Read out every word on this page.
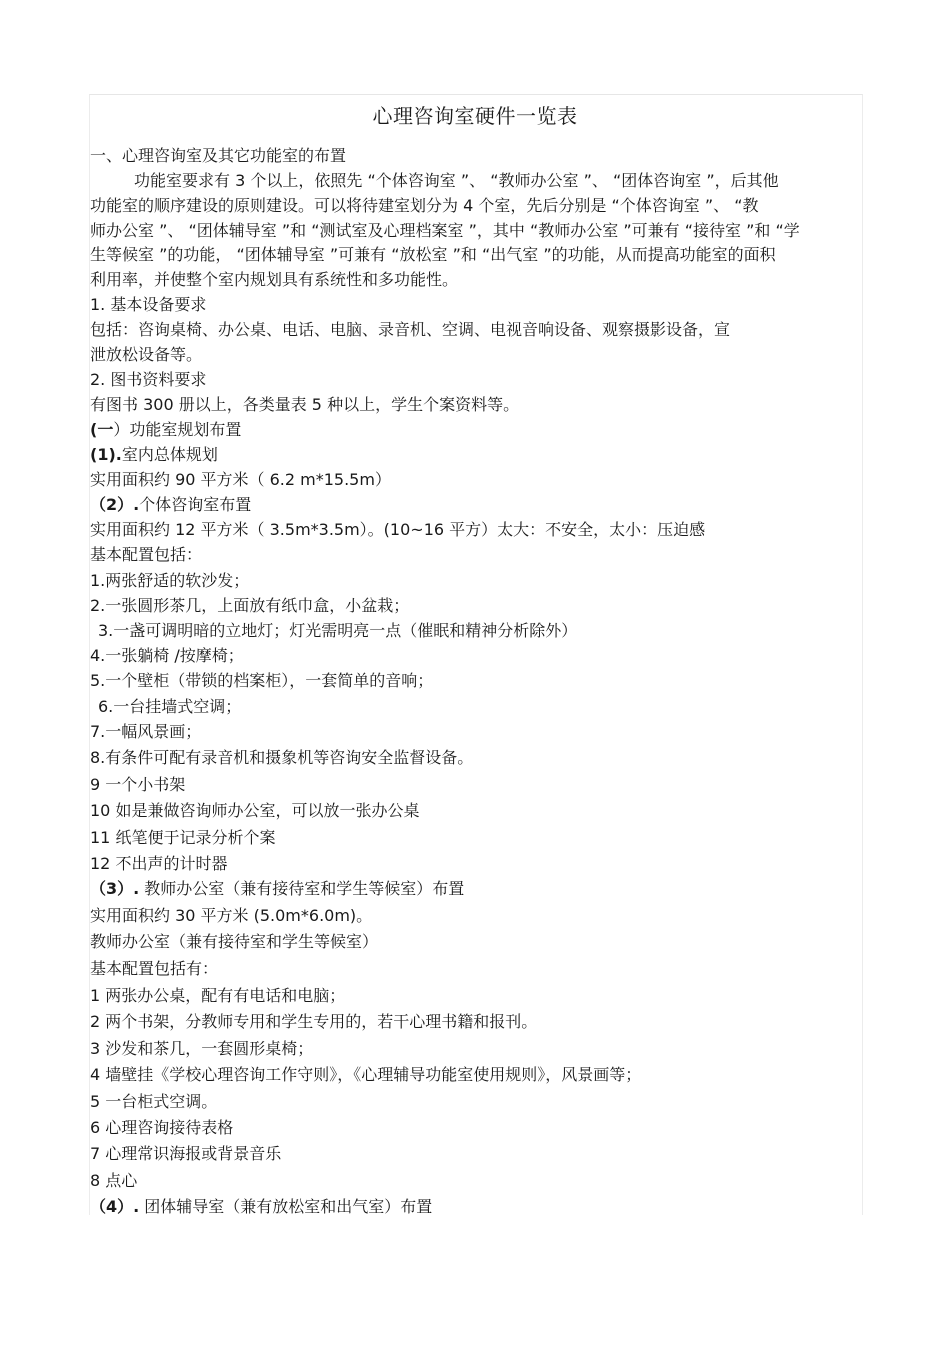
心理咨询室硬件一览表
一、心理咨询室及其它功能室的布置
功能室要求有 3 个以上，依照先 “个体咨询室 ”、 “教师办公室 ”、 “团体咨询室 ”，后其他
功能室的顺序建设的原则建设。可以将待建室划分为 4 个室，先后分别是 “个体咨询室 ”、 “教
师办公室 ”、 “团体辅导室 ”和 “测试室及心理档案室 ”，其中 “教师办公室 ”可兼有 “接待室 ”和 “学
生等候室 ”的功能， “团体辅导室 ”可兼有 “放松室 ”和 “出气室 ”的功能，从而提高功能室的面积
利用率，并使整个室内规划具有系统性和多功能性。
1. 基本设备要求
包括：咨询桌椅、办公桌、电话、电脑、录音机、空调、电视音响设备、观察摄影设备，宣
泄放松设备等。
2. 图书资料要求
有图书 300 册以上，各类量表 5 种以上，学生个案资料等。
(一）功能室规划布置
(1).室内总体规划
实用面积约 90 平方米（ 6.2 m*15.5m）
（2）.个体咨询室布置
实用面积约 12 平方米（ 3.5m*3.5m）。(10~16 平方）太大：不安全，太小：压迫感
基本配置包括：
1.两张舒适的软沙发；
2.一张圆形茶几，上面放有纸巾盒，小盆栽；
3.一盏可调明暗的立地灯；灯光需明亮一点（催眠和精神分析除外）
4.一张躺椅 /按摩椅；
5.一个壁柜（带锁的档案柜），一套简单的音响；
6.一台挂墙式空调；
7.一幅风景画；
8.有条件可配有录音机和摄象机等咨询安全监督设备。
9 一个小书架
10 如是兼做咨询师办公室，可以放一张办公桌
11 纸笔便于记录分析个案
12 不出声的计时器
（3）. 教师办公室（兼有接待室和学生等候室）布置
实用面积约 30 平方米 (5.0m*6.0m)。
教师办公室（兼有接待室和学生等候室）
基本配置包括有：
1 两张办公桌，配有有电话和电脑；
2 两个书架，分教师专用和学生专用的，若干心理书籍和报刊。
3 沙发和茶几，一套圆形桌椅；
4 墙壁挂《学校心理咨询工作守则》，《心理辅导功能室使用规则》，风景画等；
5 一台柜式空调。
6 心理咨询接待表格
7 心理常识海报或背景音乐
8 点心
（4）. 团体辅导室（兼有放松室和出气室）布置
